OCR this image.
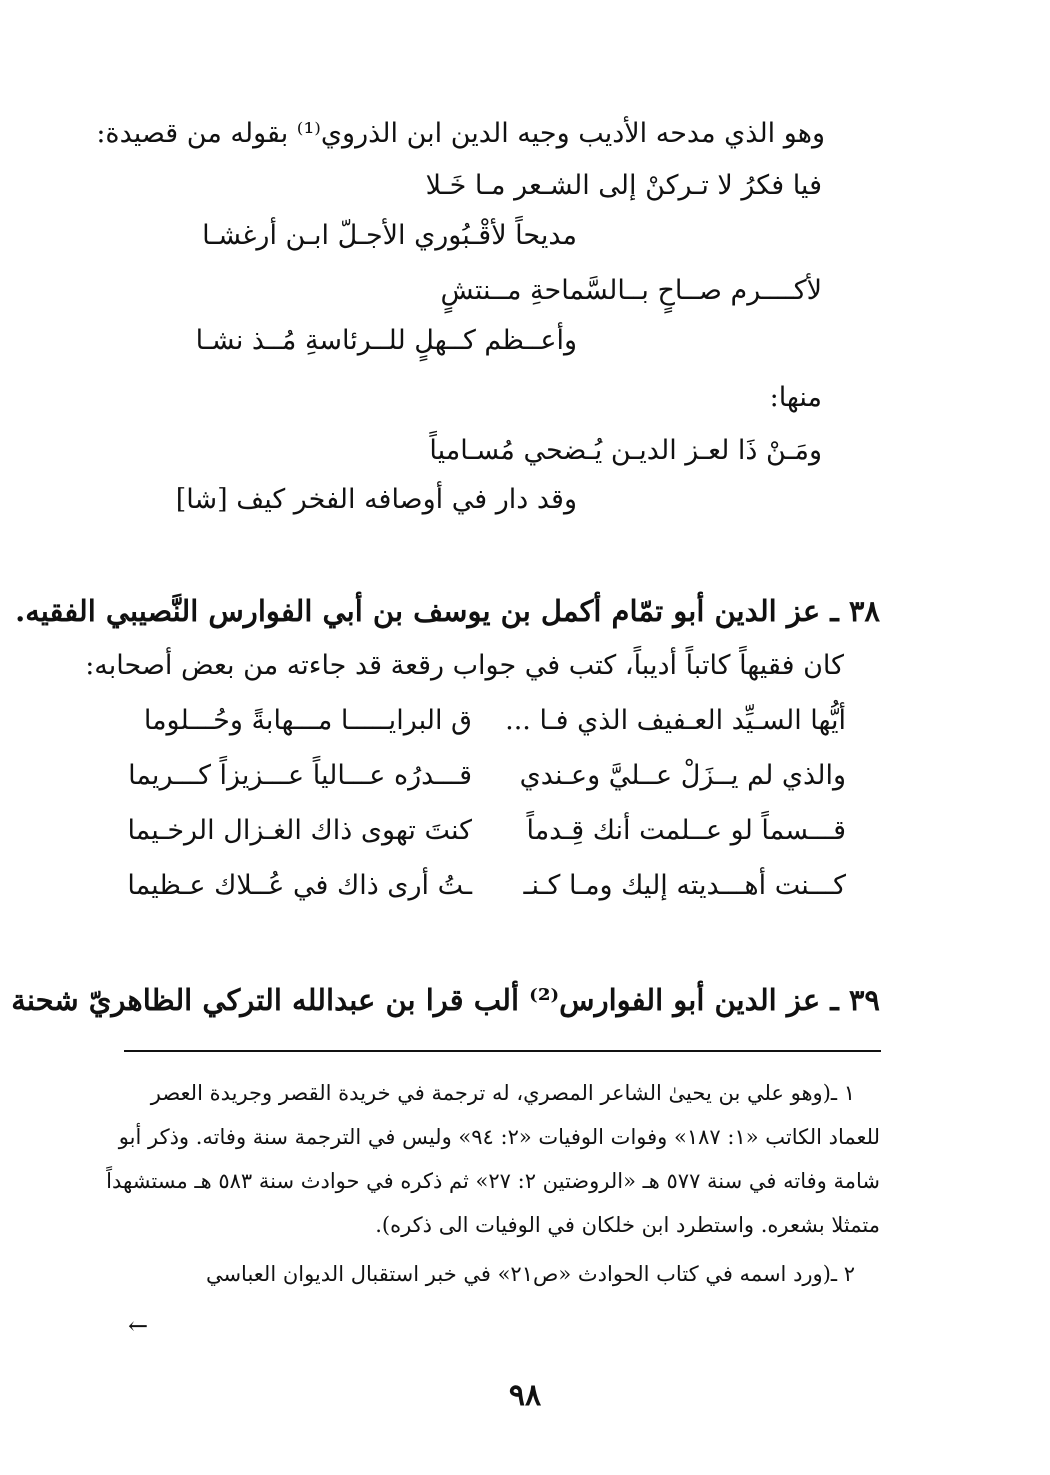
وهو الذي مدحه الأديب وجيه الدين ابن الذروي⁽¹⁾ بقوله من قصيدة:
فيا فكرُ لا تـركنْ إلى الشـعر مـا خَـلا
مديحاً لأقْـبُوري الأجـلّ ابـن أرغشـا
لأكــــرم صــاحٍ بــالسَّماحةِ مــنتشٍ
وأعــظم كــهلٍ للــرئاسةِ مُــذ نشـا
منها:
ومَـنْ ذَا لعـز الديـن يُـضحي مُسـامياً
وقد دار في أوصافه الفخر كيف [شا]
٣٨ ـ عز الدين أبو تمّام أكمل بن يوسف بن أبي الفوارس النَّصيبي الفقيه.
كان فقيهاً كاتباً أديباً، كتب في جواب رقعة قد جاءته من بعض أصحابه:
أيُّها السـيِّد العـفيف الذي فـا ...
ق البرايـــــا مـــهابةً وحُـــلوما
والذي لم يــزَلْ عــليَّ وعـندي
قـــدرُه عـــالياً عـــزيزاً كـــريما
قـــسماً لو عــلمت أنك قِـدماً
كنتَ تهوى ذاك الغـزال الرخـيما
كـــنت أهـــديته إليك ومـا كـنـ
ـتُ أرى ذاك في عُــلاك عـظيما
٣٩ ـ عز الدين أبو الفوارس⁽²⁾ ألب قرا بن عبدالله التركي الظاهريّ شحنة
١ ـ(وهو علي بن يحيىٰ الشاعر المصري، له ترجمة في خريدة القصر وجريدة العصر
للعماد الكاتب «١: ١٨٧» وفوات الوفيات «٢: ٩٤» وليس في الترجمة سنة وفاته. وذكر أبو
شامة وفاته في سنة ٥٧٧ هـ «الروضتين ٢: ٢٧» ثم ذكره في حوادث سنة ٥٨٣ هـ مستشهداً
متمثلا بشعره. واستطرد ابن خلكان في الوفيات الى ذكره).
٢ ـ(ورد اسمه في كتاب الحوادث «ص٢١» في خبر استقبال الديوان العباسي
←
٩٨
